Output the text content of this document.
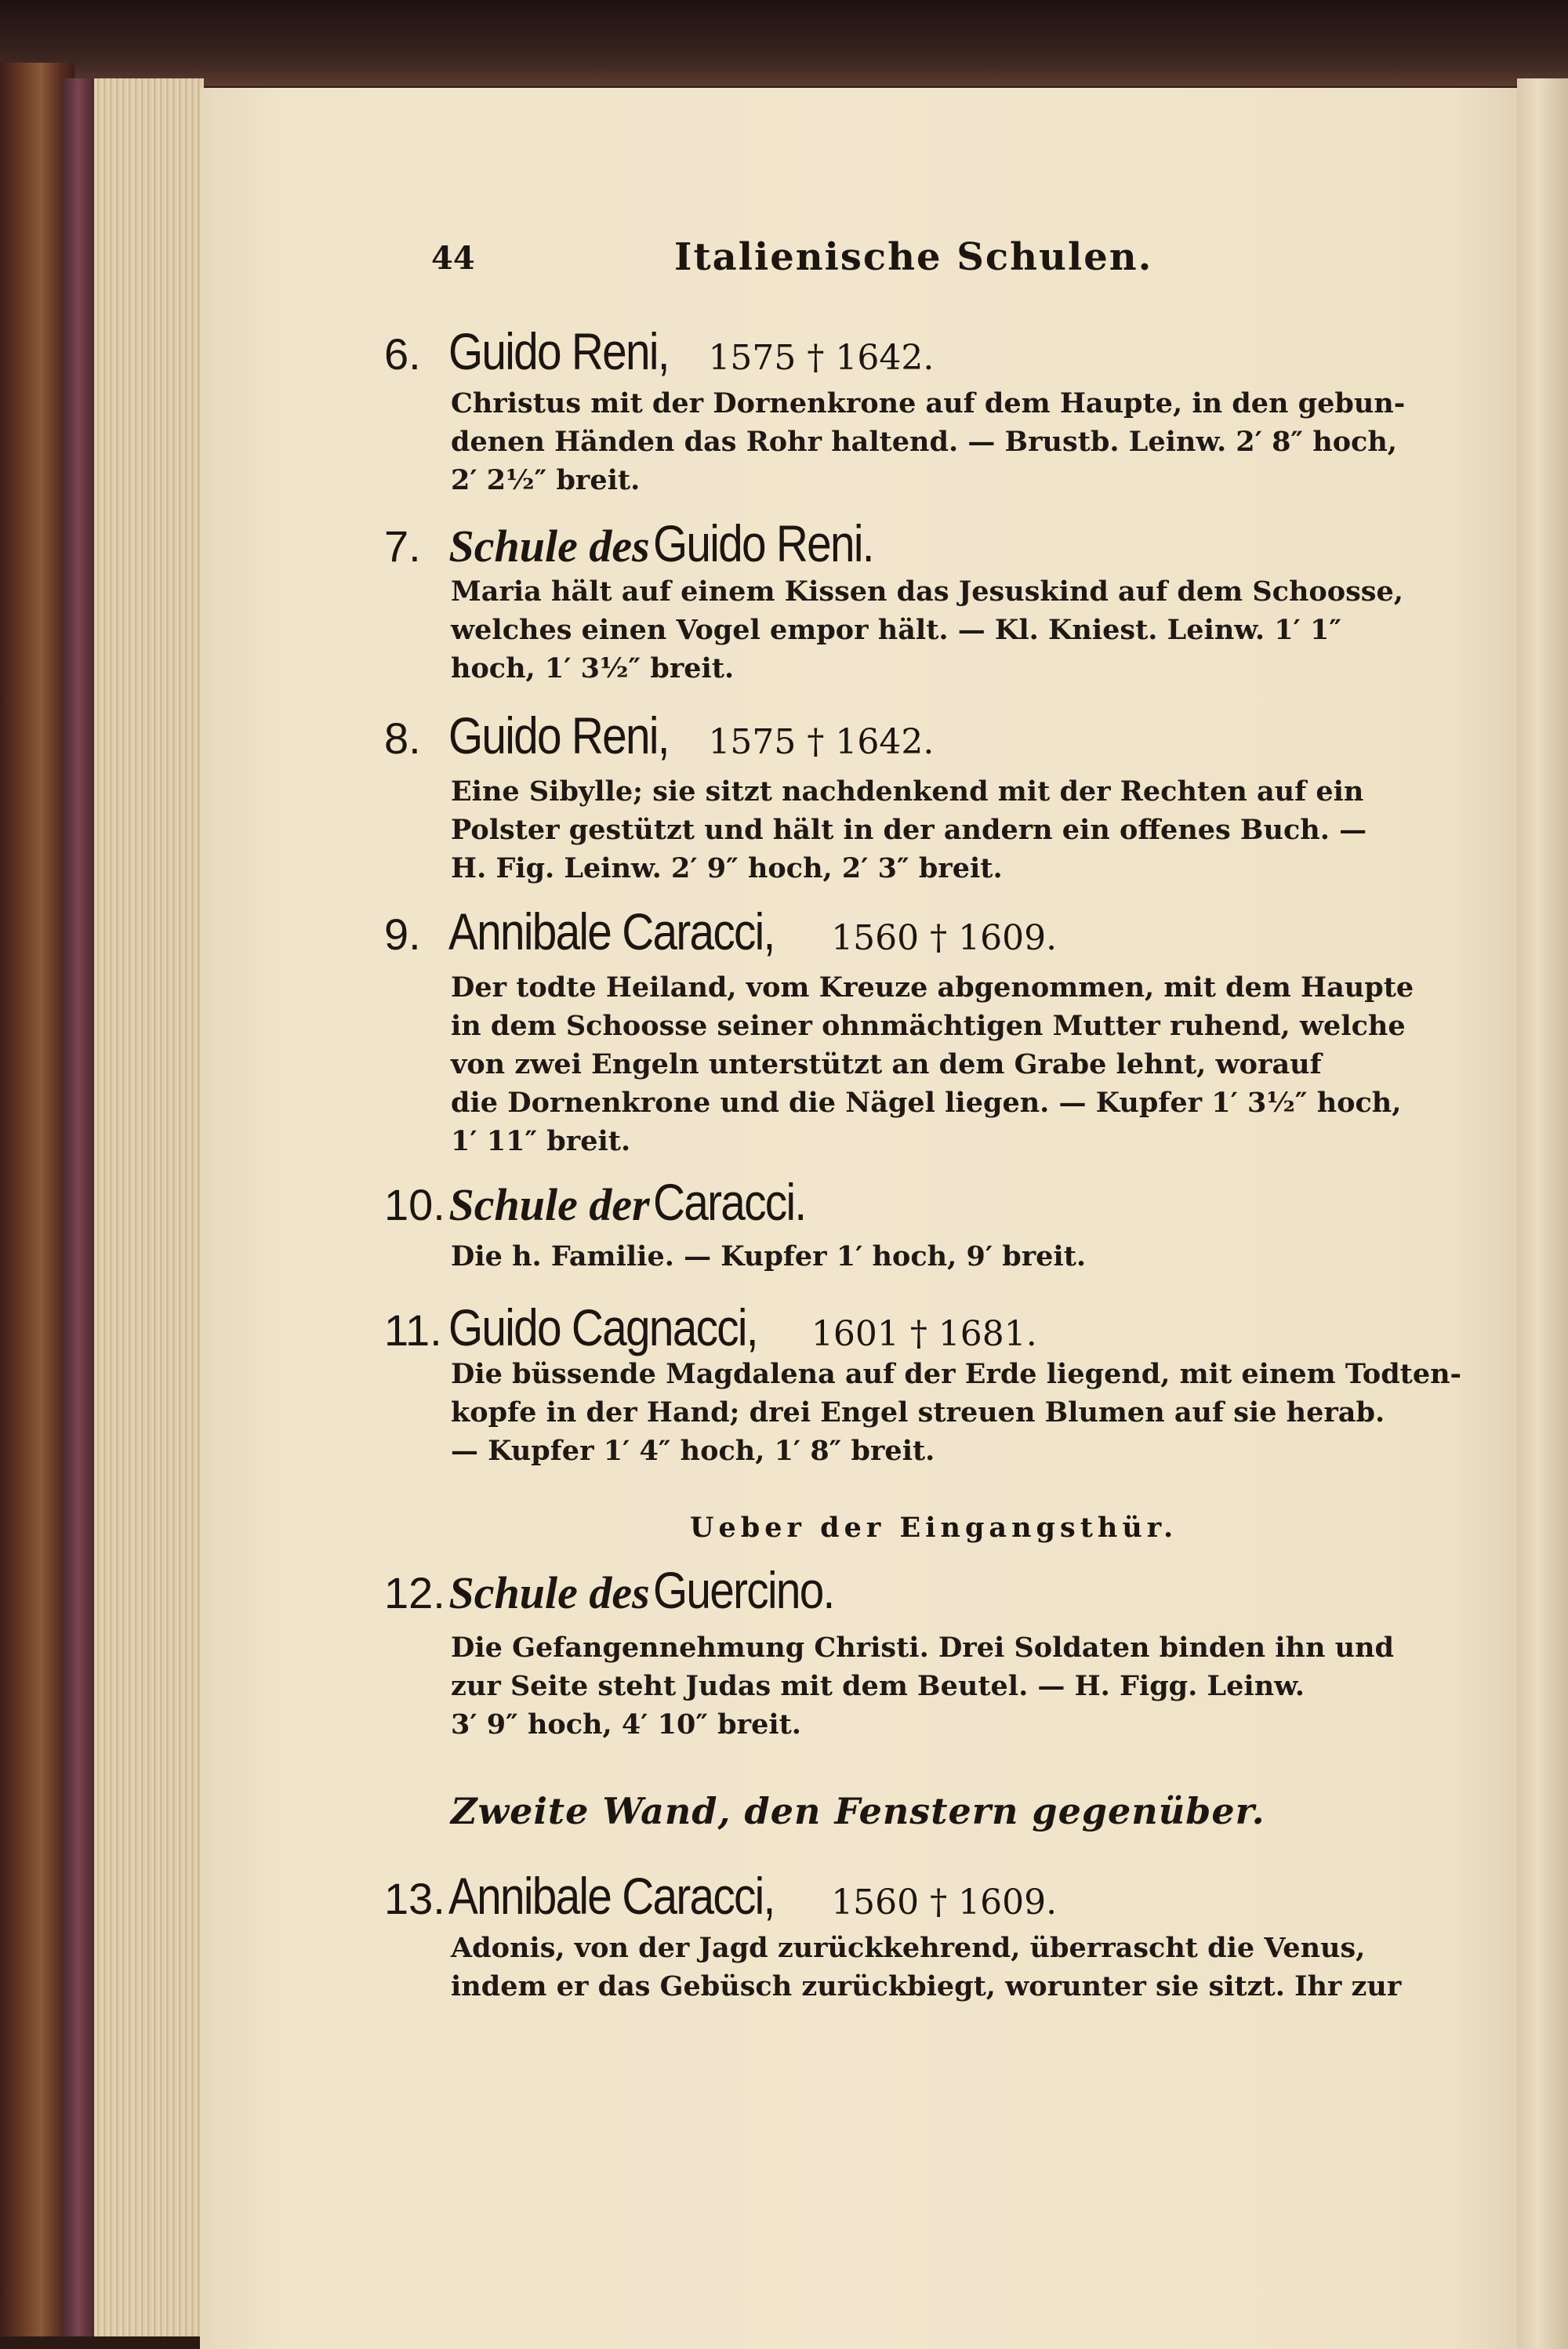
44	Italienische Schulen.
6. Guido Reni, 1575 † 1642.
Christus mit der Dornenkrone auf dem Haupte, in den gebun-
denen Händen das Rohr haltend. — Brustb. Leinw. 2′ 8″ hoch,
2′ 2½″ breit.
7. Schule des Guido Reni.
Maria hält auf einem Kissen das Jesuskind auf dem Schoosse,
welches einen Vogel empor hält. — Kl. Kniest. Leinw. 1′ 1″
hoch, 1′ 3½″ breit.
8. Guido Reni, 1575 † 1642.
Eine Sibylle; sie sitzt nachdenkend mit der Rechten auf ein
Polster gestützt und hält in der andern ein offenes Buch. —
H. Fig. Leinw. 2′ 9″ hoch, 2′ 3″ breit.
9. Annibale Caracci, 1560 † 1609.
Der todte Heiland, vom Kreuze abgenommen, mit dem Haupte
in dem Schoosse seiner ohnmächtigen Mutter ruhend, welche
von zwei Engeln unterstützt an dem Grabe lehnt, worauf
die Dornenkrone und die Nägel liegen. — Kupfer 1′ 3½″ hoch,
1′ 11″ breit.
10. Schule der Caracci.
Die h. Familie. — Kupfer 1′ hoch, 9′ breit.
11. Guido Cagnacci, 1601 † 1681.
Die büssende Magdalena auf der Erde liegend, mit einem Todten-
kopfe in der Hand; drei Engel streuen Blumen auf sie herab.
— Kupfer 1′ 4″ hoch, 1′ 8″ breit.
Ueber der Eingangsthür.
12. Schule des Guercino.
Die Gefangennehmung Christi. Drei Soldaten binden ihn und
zur Seite steht Judas mit dem Beutel. — H. Figg. Leinw.
3′ 9″ hoch, 4′ 10″ breit.
Zweite Wand, den Fenstern gegenüber.
13. Annibale Caracci, 1560 † 1609.
Adonis, von der Jagd zurückkehrend, überrascht die Venus,
indem er das Gebüsch zurückbiegt, worunter sie sitzt. Ihr zur
